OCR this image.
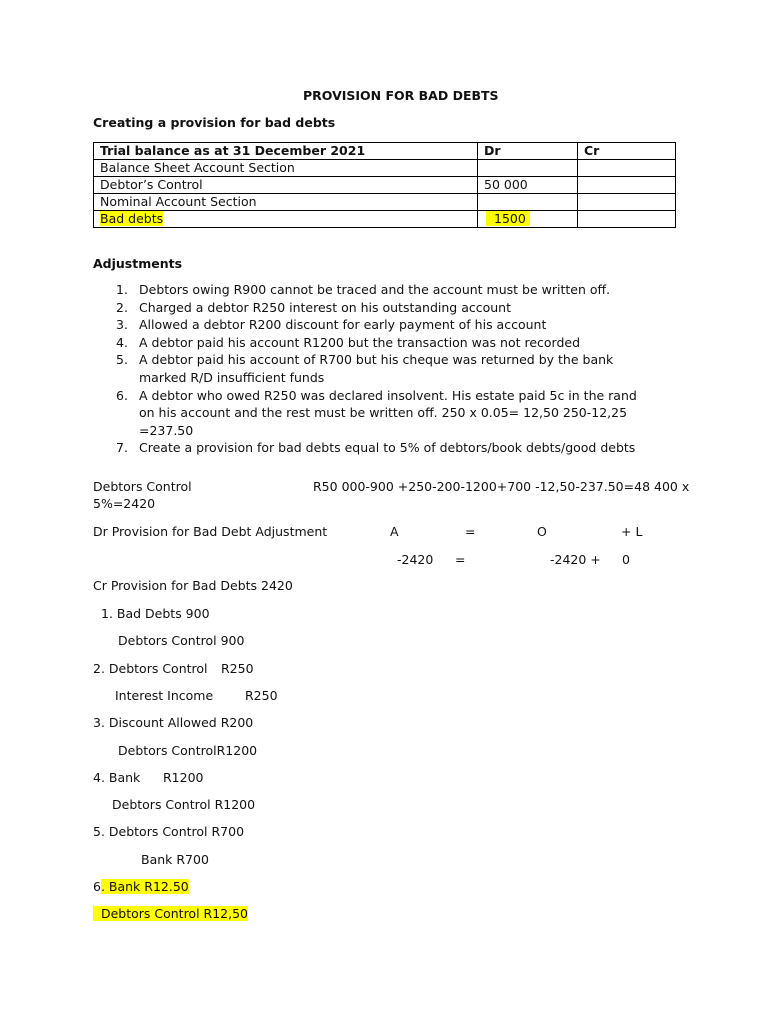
PROVISION FOR BAD DEBTS
Creating a provision for bad debts
Trial balance as at 31 December 2021	Dr	Cr
Balance Sheet Account Section		
Debtor’s Control	50 000	
Nominal Account Section		
Bad debts	1500	
Adjustments
1. Debtors owing R900 cannot be traced and the account must be written off.
2. Charged a debtor R250 interest on his outstanding account
3. Allowed a debtor R200 discount for early payment of his account
4. A debtor paid his account R1200 but the transaction was not recorded
5. A debtor paid his account of R700 but his cheque was returned by the bank marked R/D insufficient funds
6. A debtor who owed R250 was declared insolvent. His estate paid 5c in the rand on his account and the rest must be written off. 250 x 0.05= 12,50 250-12,25 =237.50
7. Create a provision for bad debts equal to 5% of debtors/book debts/good debts
Debtors Control	R50 000-900 +250-200-1200+700 -12,50-237.50=48 400 x
5%=2420
Dr Provision for Bad Debt Adjustment	A	=	O	+ L
-2420 =	-2420 + 0
Cr Provision for Bad Debts 2420
1. Bad Debts 900
Debtors Control 900
2. Debtors Control R250
Interest Income	R250
3. Discount Allowed R200
Debtors ControlR1200
4. Bank R1200
Debtors Control R1200
5. Debtors Control R700
Bank R700
6. Bank R12.50
Debtors Control R12,50
